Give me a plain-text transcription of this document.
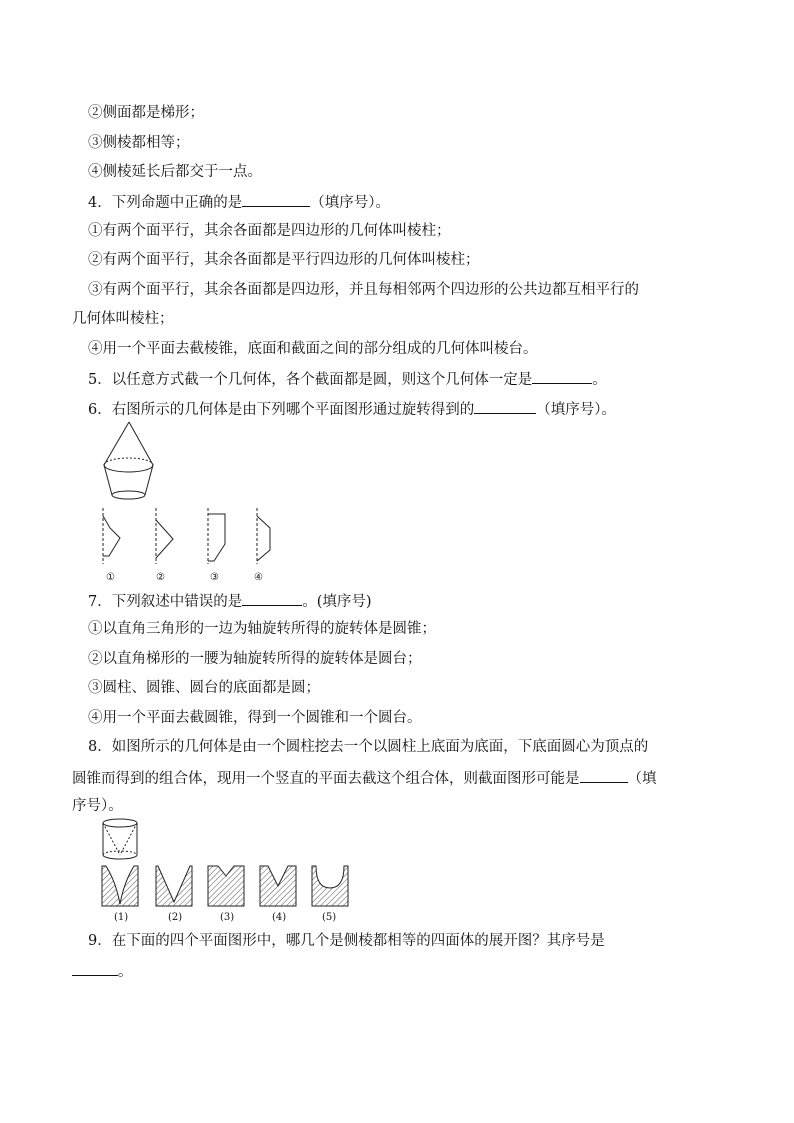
②侧面都是梯形；
③侧棱都相等；
④侧棱延长后都交于一点。
4．下列命题中正确的是	（填序号）。
①有两个面平行，其余各面都是四边形的几何体叫棱柱；
②有两个面平行，其余各面都是平行四边形的几何体叫棱柱；
③有两个面平行，其余各面都是四边形，并且每相邻两个四边形的公共边都互相平行的
几何体叫棱柱；
④用一个平面去截棱锥，底面和截面之间的部分组成的几何体叫棱台。
5．以任意方式截一个几何体，各个截面都是圆，则这个几何体一定是	。
6．右图所示的几何体是由下列哪个平面图形通过旋转得到的	（填序号）。
①	②	③	④
7．下列叙述中错误的是	。(填序号)
①以直角三角形的一边为轴旋转所得的旋转体是圆锥；
②以直角梯形的一腰为轴旋转所得的旋转体是圆台；
③圆柱、圆锥、圆台的底面都是圆；
④用一个平面去截圆锥，得到一个圆锥和一个圆台。
8．如图所示的几何体是由一个圆柱挖去一个以圆柱上底面为底面，下底面圆心为顶点的
圆锥而得到的组合体，现用一个竖直的平面去截这个组合体，则截面图形可能是	（填
序号）。
(1)	(2)	(3)	(4)	(5)
9．在下面的四个平面图形中，哪几个是侧棱都相等的四面体的展开图？其序号是
。
